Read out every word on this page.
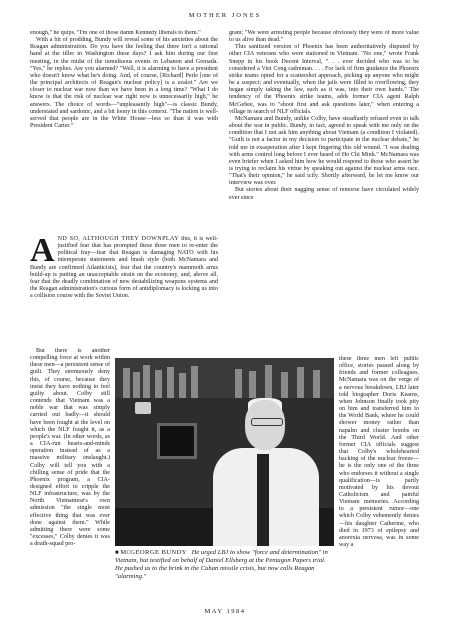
MOTHER JONES

enough," he quips. "I'm one of those damn Kennedy liberals to them."

With a bit of prodding, Bundy will reveal some of his anxieties about the Reagan administration. Do you have the feeling that there isn't a rational hand at the tiller in Washington these days? I ask him during our first meeting, in the midst of the tumultuous events in Lebanon and Grenada. "Yes," he replies. Are you alarmed? "Well, it is alarming to have a president who doesn't know what he's doing. And, of course, [Richard] Perle [one of the principal architects of Reagan's nuclear policy] is a zealot." Are we closer to nuclear war now than we have been in a long time? "What I do know is that the risk of nuclear war right now is unnecessarily high," he answers. The choice of words—"unpleasantly high"—is classic Bundy, understated and sardonic, and a bit loony in this context. "The nation is well-served that people are in the White House—less so than it was with President Carter."

A ND SO, ALTHOUGH THEY DOWNPLAY this, it is well-justified fear that has prompted these three men to re-enter the political fray—fear that Reagan is damaging NATO with his intemperate statements and brash style (both McNamara and Bundy are confirmed Atlanticists), fear that the country's mammoth arms build-up is putting an unacceptable strain on the economy, and, above all, fear that the deadly combination of new destabilizing weapons systems and the Reagan administration's curious form of antidiplomacy is locking us into a collision course with the Soviet Union.

But there is another compelling force at work within these men—a persistent sense of guilt. They strenuously deny this, of course, because they insist they have nothing to feel guilty about. Colby still contends that Vietnam was a noble war that was simply carried out badly—it should have been fought at the level on which the NLF fought it, as a people's war. (In other words, as a CIA-run hearts-and-minds operation instead of as a massive military onslaught.) Colby will tell you with a chilling sense of pride that the Phoenix program, a CIA-designed effort to cripple the NLF infrastructure, was by the North Vietnamese's own admission "the single most effective thing that was ever done against them." While admitting there were some "excesses," Colby denies it was a death-squad pro-

gram: "We were arresting people because obviously they were of more value to us alive than dead."

This sanitized version of Phoenix has been authoritatively disputed by other CIA veterans who were stationed in Vietnam. "No one," wrote Frank Snepp in his book Decent Interval, ". . . ever decided who was to be considered a Viet Cong cadreman. . . . For lack of firm guidance the Phoenix strike teams opted for a scattershot approach, picking up anyone who might be a suspect; and eventually, when the jails were filled to overflowing, they began simply taking the law, such as it was, into their own hands." The tendency of the Phoenix strike teams, adds former CIA agent Ralph McGehee, was to "shoot first and ask questions later," when entering a village in search of NLF officials.

McNamara and Bundy, unlike Colby, have steadfastly refused even to talk about the war in public. Bundy, in fact, agreed to speak with me only on the condition that I not ask him anything about Vietnam (a condition I violated). "Guilt is not a factor in my decision to participate in the nuclear debate," he told me in exasperation after I kept fingering this old wound. "I was dealing with arms control long before I ever heard of Ho Chi Minh." McNamara was even briefer when I asked him how he would respond to those who assert he is trying to reclaim his virtue by speaking out against the nuclear arms race. "That's their opinion," he said icily. Shortly afterward, he let me know our interview was over.

But stories about their nagging sense of remorse have circulated widely ever since

these three men left public office, stories passed along by friends and former colleagues. McNamara was on the verge of a nervous breakdown, LBJ later told biographer Doris Kearns, when Johnson finally took pity on him and transferred him to the World Bank, where he could shower money rather than napalm and cluster bombs on the Third World. And other former CIA officials suggest that Colby's wholehearted backing of the nuclear freeze—he is the only one of the three who endorses it without a single qualification—is partly motivated by his devout Catholicism and painful Vietnam memories. According to a persistent rumor—one which Colby vehemently denies—his daughter Catherine, who died in 1973 of epilepsy and anorexia nervosa, was in some way a

■ McGEORGE BUNDY He urged LBJ to show "force and determination" in Vietnam, but testified on behalf of Daniel Ellsberg at the Pentagon Papers trial. He pushed us to the brink in the Cuban missile crisis, but now calls Reagan "alarming."
MAY 1984
